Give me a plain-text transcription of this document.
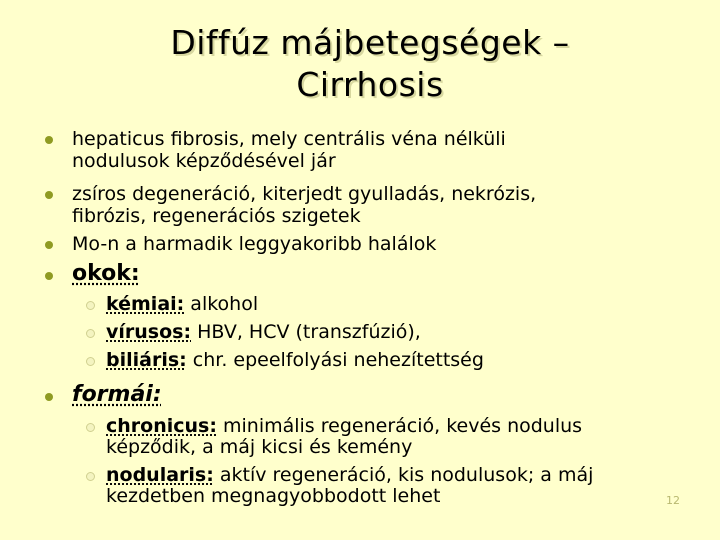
Diffúz májbetegségek –
Cirrhosis
hepaticus fibrosis, mely centrális véna nélküli
nodulusok képződésével jár
zsíros degeneráció, kiterjedt gyulladás, nekrózis,
fibrózis, regenerációs szigetek
Mo-n a harmadik leggyakoribb halálok
okok:
kémiai: alkohol
vírusos: HBV, HCV (transzfúzió),
biliáris: chr. epeelfolyási nehezítettség
formái:
chronicus: minimális regeneráció, kevés nodulus
képződik, a máj kicsi és kemény
nodularis: aktív regeneráció, kis nodulusok; a máj
kezdetben megnagyobbodott lehet	12
